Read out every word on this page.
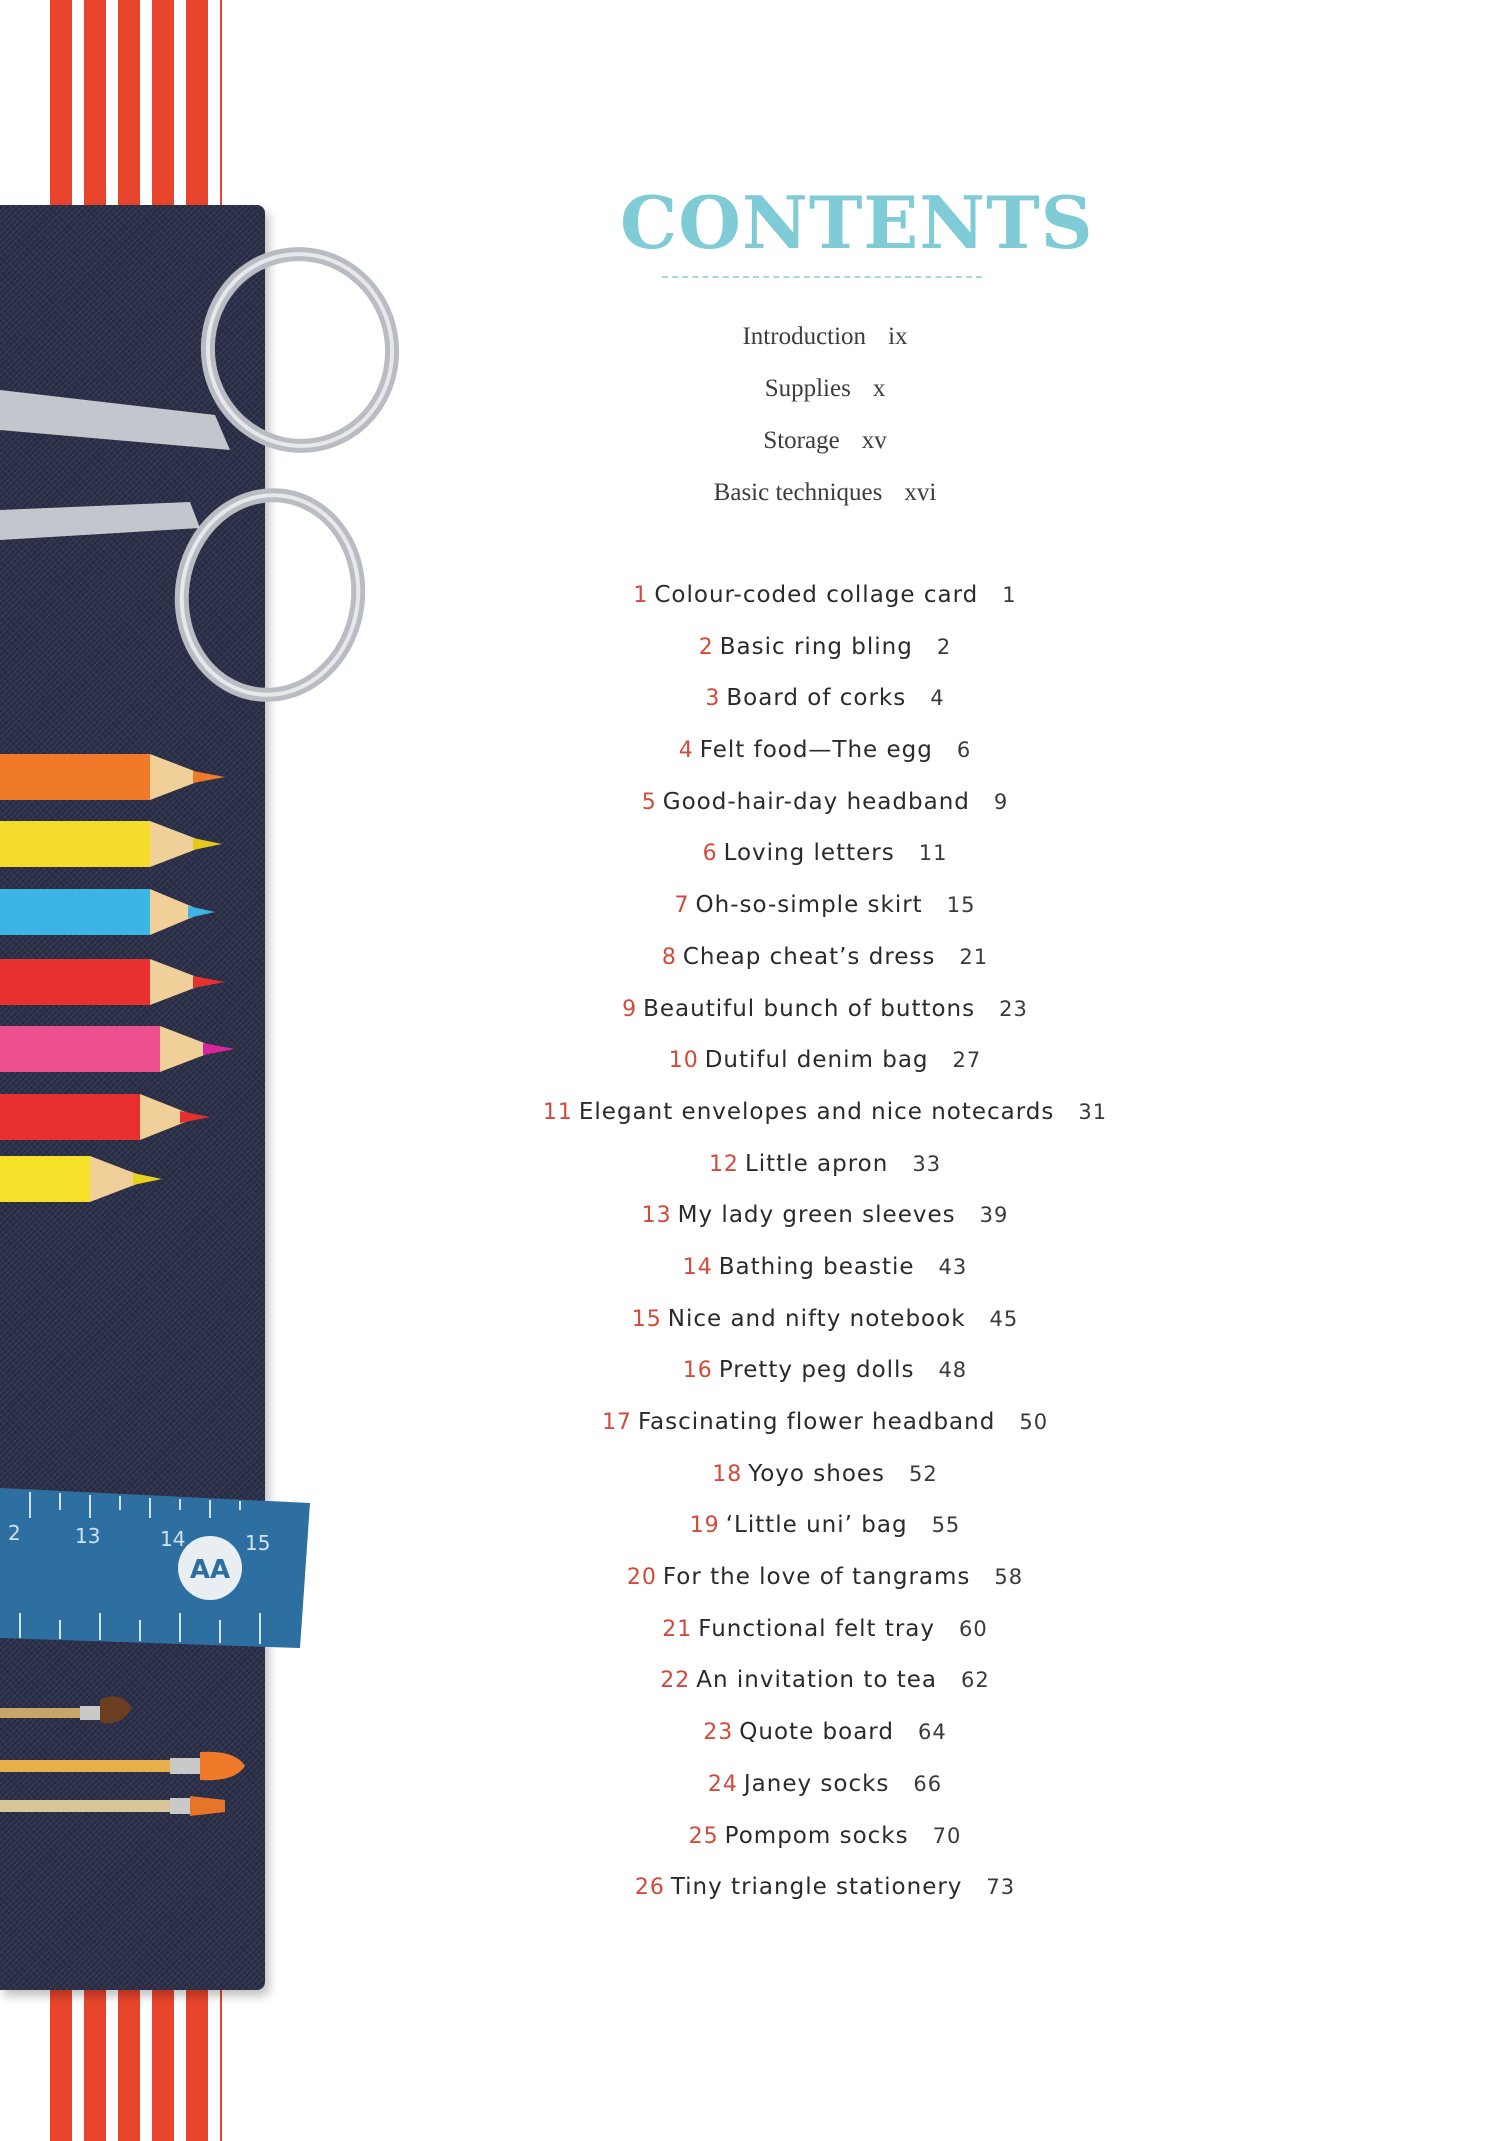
AA
2	13	14	15
CONTENTS
Introduction ix
Supplies x
Storage xv
Basic techniques xvi
1 Colour-coded collage card 1
2 Basic ring bling 2
3 Board of corks 4
4 Felt food—The egg 6
5 Good-hair-day headband 9
6 Loving letters 11
7 Oh-so-simple skirt 15
8 Cheap cheat’s dress 21
9 Beautiful bunch of buttons 23
10 Dutiful denim bag 27
11 Elegant envelopes and nice notecards 31
12 Little apron 33
13 My lady green sleeves 39
14 Bathing beastie 43
15 Nice and nifty notebook 45
16 Pretty peg dolls 48
17 Fascinating flower headband 50
18 Yoyo shoes 52
19 ‘Little uni’ bag 55
20 For the love of tangrams 58
21 Functional felt tray 60
22 An invitation to tea 62
23 Quote board 64
24 Janey socks 66
25 Pompom socks 70
26 Tiny triangle stationery 73
